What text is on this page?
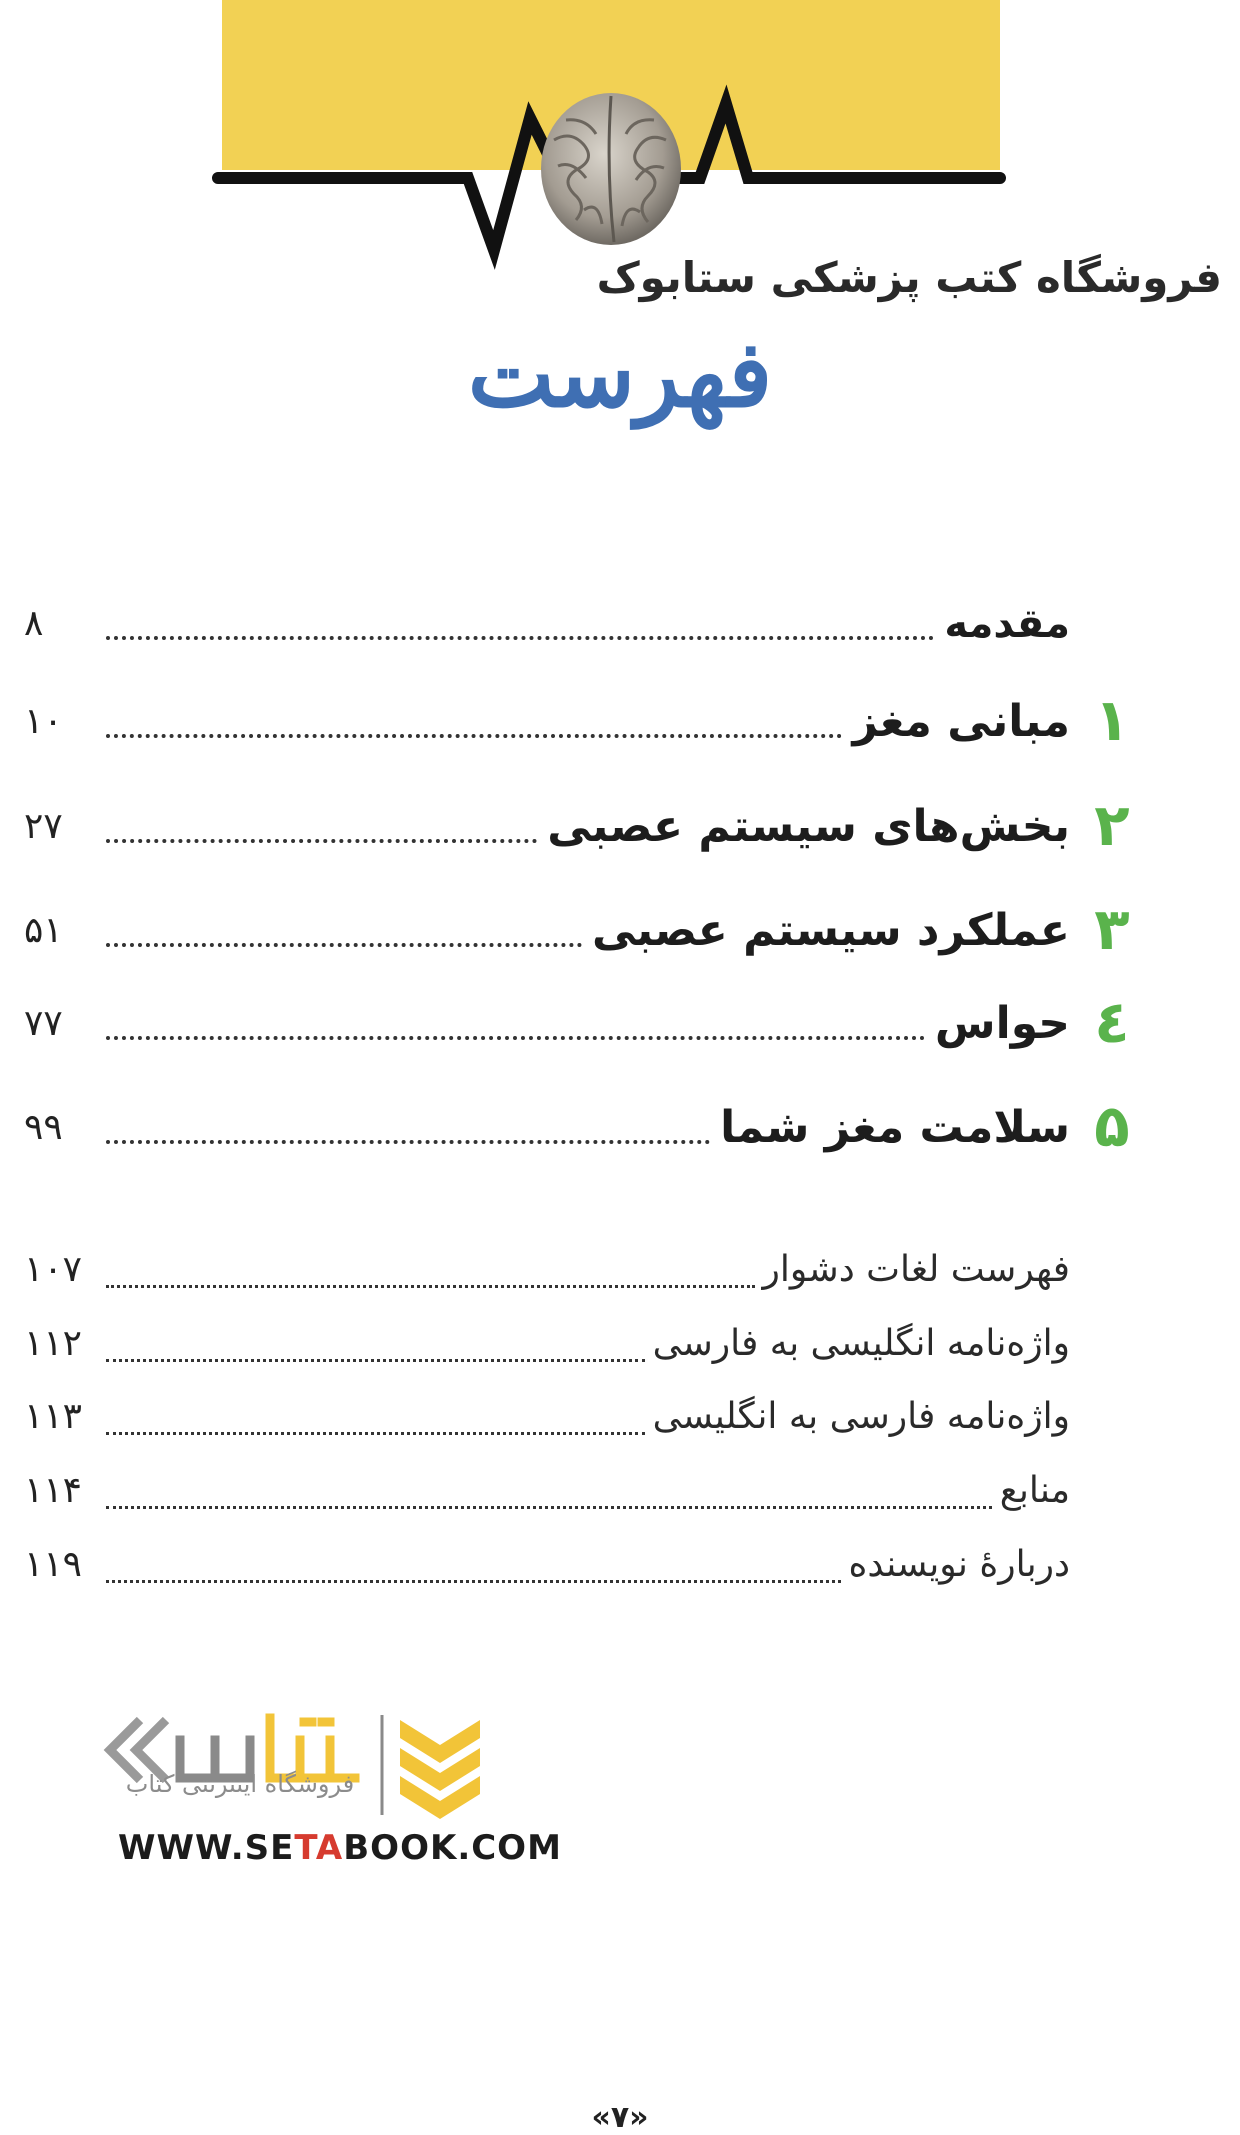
فروشگاه کتب پزشکی ستابوک
فهرست
مقدمه
۸
۱
مبانی مغز
۱۰
۲
بخش‌های سیستم عصبی
۲۷
۳
عملکرد سیستم عصبی
۵۱
٤
حواس
۷۷
۵
سلامت مغز شما
۹۹
فهرست لغات دشوار
۱۰۷
واژه‌نامه انگلیسی به فارسی
۱۱۲
واژه‌نامه فارسی به انگلیسی
۱۱۳
منابع
۱۱۴
دربارهٔ نویسنده
۱۱۹
فروشگاه اینترنتی کتاب
WWW.SETABOOK.COM
«۷»
